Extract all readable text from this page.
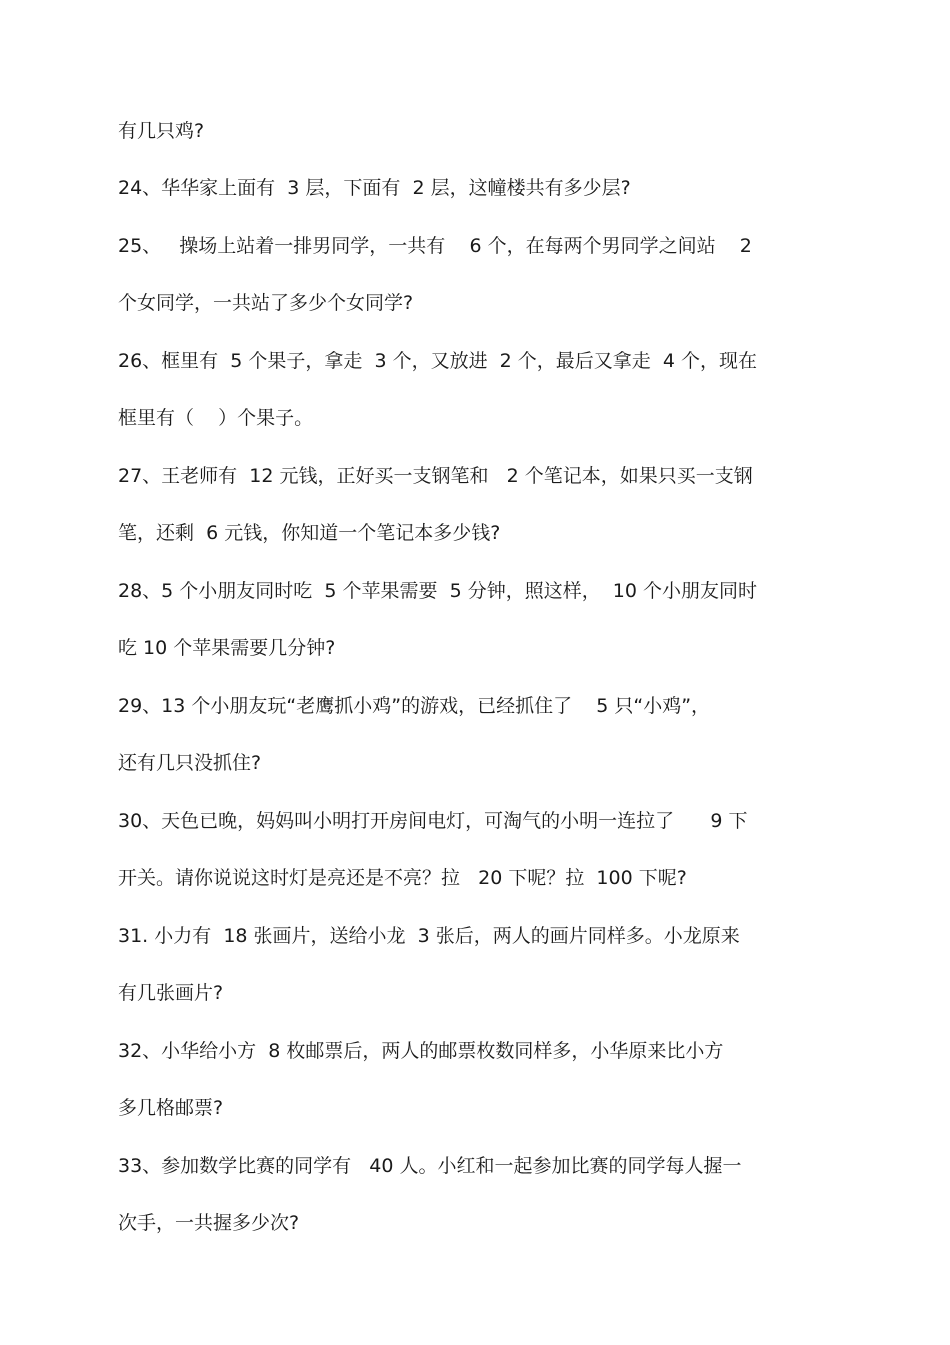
有几只鸡?
24、华华家上面有  3 层，下面有  2 层，这幢楼共有多少层?
25、   操场上站着一排男同学，一共有    6 个，在每两个男同学之间站    2
个女同学，一共站了多少个女同学?
26、框里有  5 个果子，拿走  3 个，又放进  2 个，最后又拿走  4 个，现在
框里有（    ）个果子。
27、王老师有  12 元钱，正好买一支钢笔和   2 个笔记本，如果只买一支钢
笔，还剩  6 元钱，你知道一个笔记本多少钱?
28、5 个小朋友同时吃  5 个苹果需要  5 分钟，照这样，  10 个小朋友同时
吃 10 个苹果需要几分钟?
29、13 个小朋友玩“老鹰抓小鸡”的游戏，已经抓住了    5 只“小鸡”，
还有几只没抓住?
30、天色已晚，妈妈叫小明打开房间电灯，可淘气的小明一连拉了      9 下
开关。请你说说这时灯是亮还是不亮？拉   20 下呢？拉  100 下呢?
31. 小力有  18 张画片，送给小龙  3 张后，两人的画片同样多。小龙原来
有几张画片?
32、小华给小方  8 枚邮票后，两人的邮票枚数同样多，小华原来比小方
多几格邮票?
33、参加数学比赛的同学有   40 人。小红和一起参加比赛的同学每人握一
次手，一共握多少次?
